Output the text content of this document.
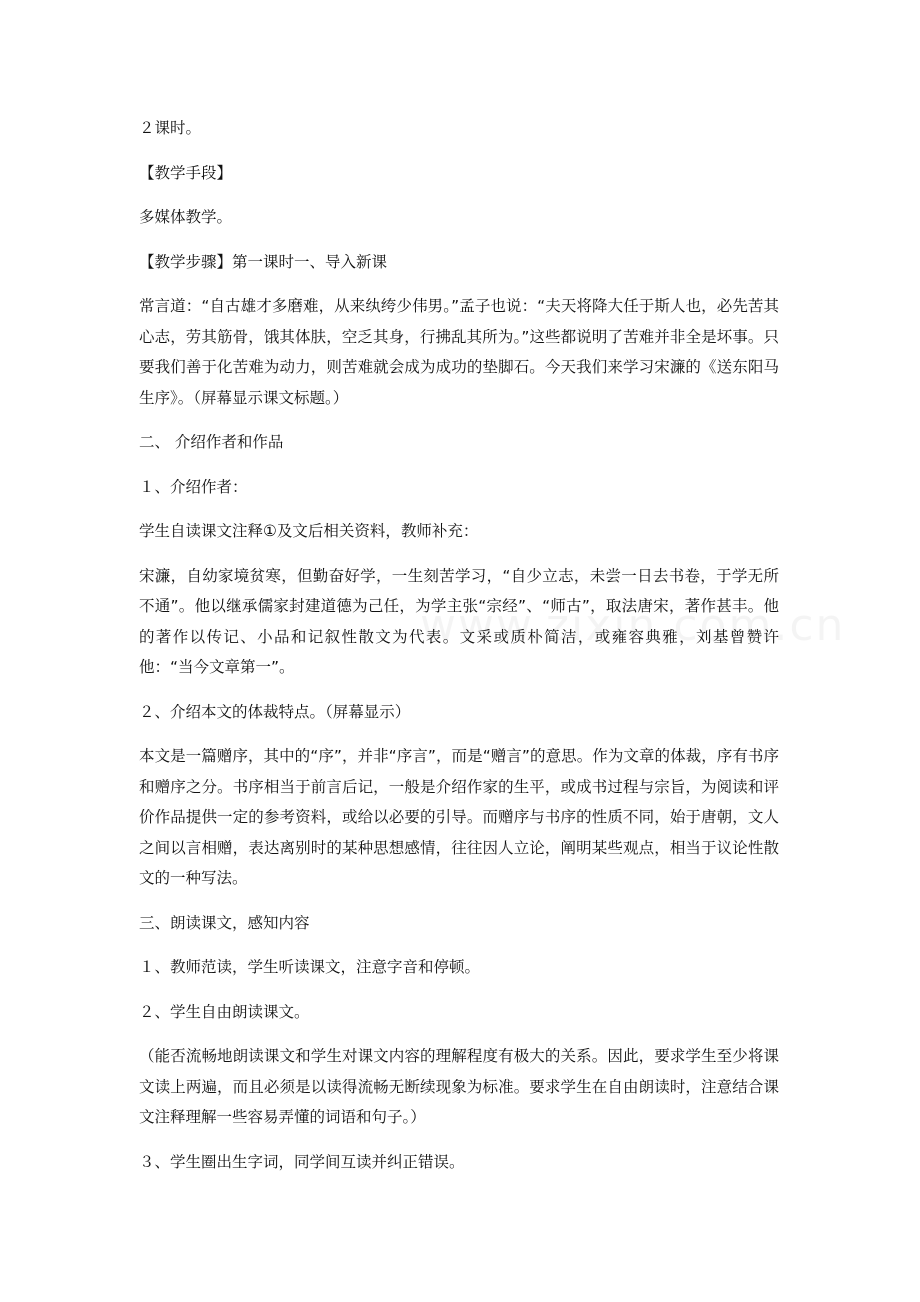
２课时。

【教学手段】

多媒体教学。

【教学步骤】第一课时一、导入新课

常言道：“自古雄才多磨难，从来纨绔少伟男。”孟子也说：“夫天将降大任于斯人也，必先苦其心志，劳其筋骨，饿其体肤，空乏其身，行拂乱其所为。”这些都说明了苦难并非全是坏事。只要我们善于化苦难为动力，则苦难就会成为成功的垫脚石。今天我们来学习宋濂的《送东阳马生序》。（屏幕显示课文标题。）

二、 介绍作者和作品

１、介绍作者：

学生自读课文注释①及文后相关资料，教师补充：

宋濂，自幼家境贫寒，但勤奋好学，一生刻苦学习，“自少立志，未尝一日去书卷，于学无所不通”。他以继承儒家封建道德为己任，为学主张“宗经”、“师古”，取法唐宋，著作甚丰。他的著作以传记、小品和记叙性散文为代表。文采或质朴简洁，或雍容典雅，刘基曾赞许他：“当今文章第一”。

２、介绍本文的体裁特点。（屏幕显示）

本文是一篇赠序，其中的“序”，并非“序言”，而是“赠言”的意思。作为文章的体裁，序有书序和赠序之分。书序相当于前言后记，一般是介绍作家的生平，或成书过程与宗旨，为阅读和评价作品提供一定的参考资料，或给以必要的引导。而赠序与书序的性质不同，始于唐朝，文人之间以言相赠，表达离别时的某种思想感情，往往因人立论，阐明某些观点，相当于议论性散文的一种写法。

三、朗读课文，感知内容

１、教师范读，学生听读课文，注意字音和停顿。

２、学生自由朗读课文。

（能否流畅地朗读课文和学生对课文内容的理解程度有极大的关系。因此，要求学生至少将课文读上两遍，而且必须是以读得流畅无断续现象为标准。要求学生在自由朗读时，注意结合课文注释理解一些容易弄懂的词语和句子。）

３、学生圈出生字词，同学间互读并纠正错误。
